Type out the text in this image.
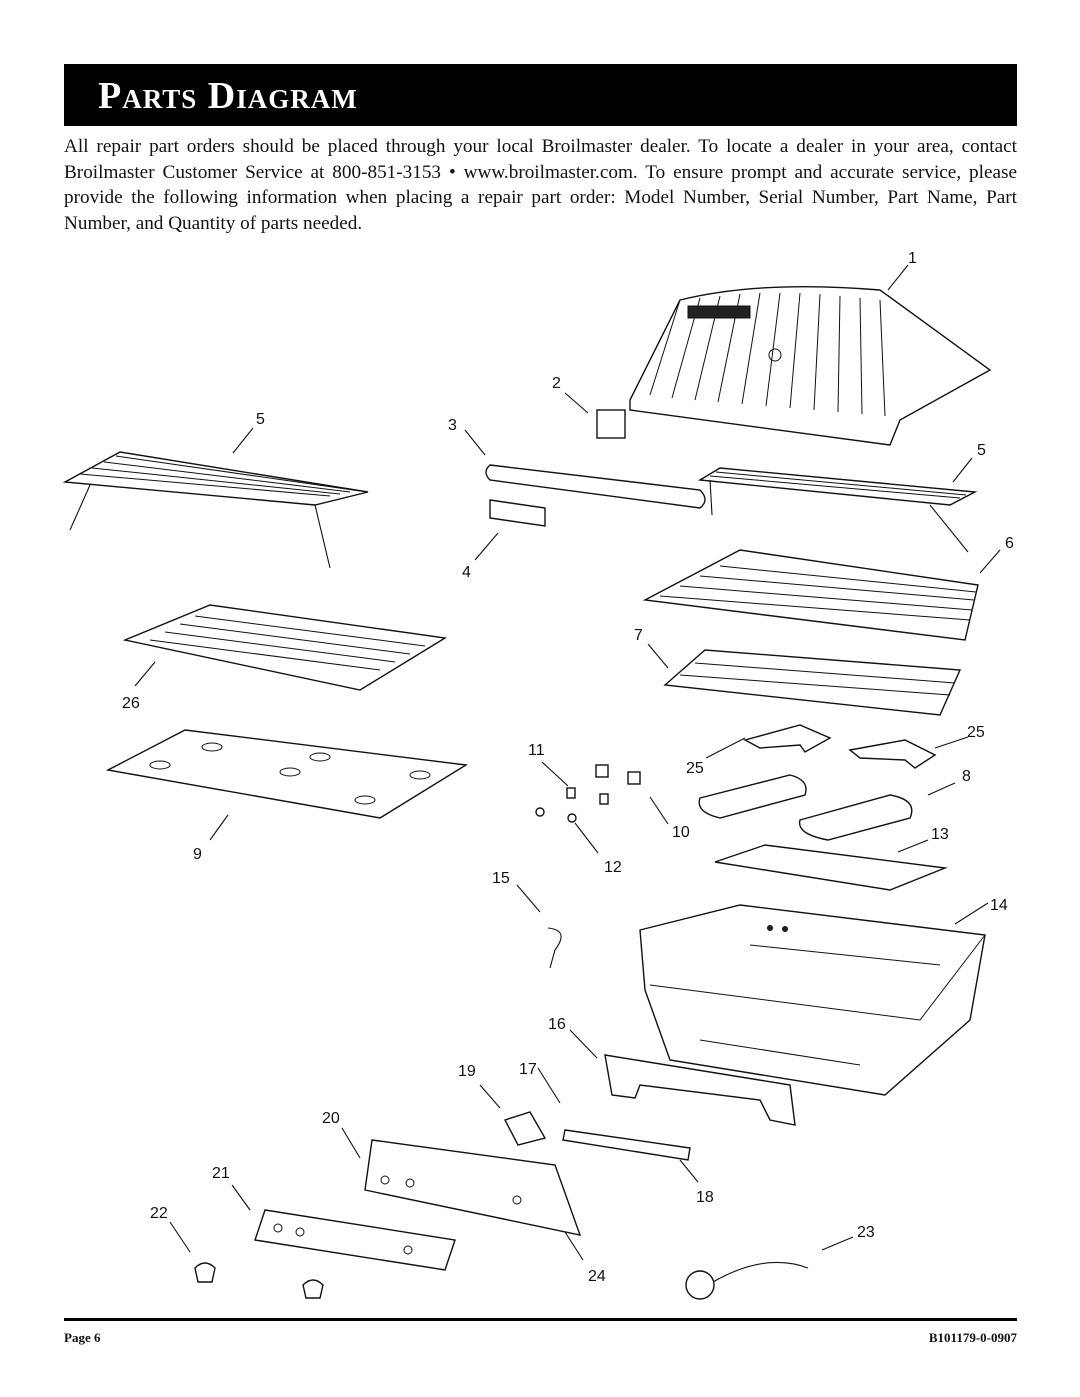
Parts Diagram
All repair part orders should be placed through your local Broilmaster dealer. To locate a dealer in your area, contact Broilmaster Customer Service at 800-851-3153 • www.broilmaster.com. To ensure prompt and accurate service, please provide the following information when placing a repair part order: Model Number, Serial Number, Part Name, Part Number, and Quantity of parts needed.
1
2
3
4
5
5
6
7
26
25
25
11
8
10	13
9
12
15
14
16
19	17
20
21
18
22
23
24
Page 6	B101179-0-0907
